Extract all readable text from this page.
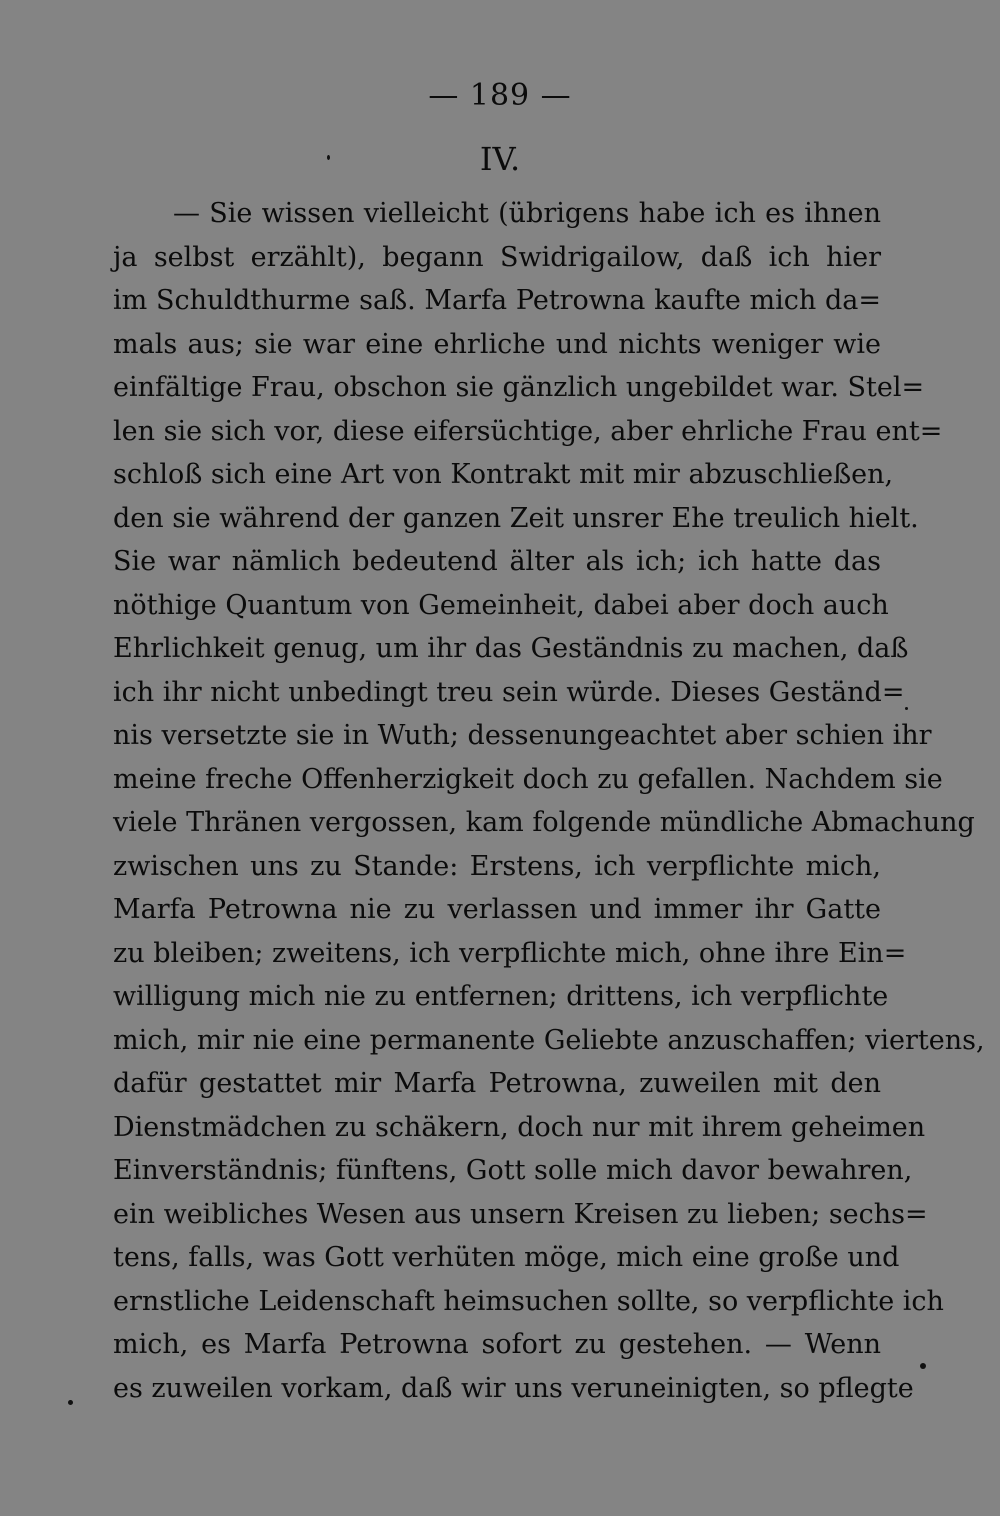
— 189 —
IV.
— Sie wissen vielleicht (übrigens habe ich es ihnen
ja selbst erzählt), begann Swidrigailow, daß ich hier
im Schuldthurme saß. Marfa Petrowna kaufte mich da=
mals aus; sie war eine ehrliche und nichts weniger wie
einfältige Frau, obschon sie gänzlich ungebildet war. Stel=
len sie sich vor, diese eifersüchtige, aber ehrliche Frau ent=
schloß sich eine Art von Kontrakt mit mir abzuschließen,
den sie während der ganzen Zeit unsrer Ehe treulich hielt.
Sie war nämlich bedeutend älter als ich; ich hatte das
nöthige Quantum von Gemeinheit, dabei aber doch auch
Ehrlichkeit genug, um ihr das Geständnis zu machen, daß
ich ihr nicht unbedingt treu sein würde. Dieses Geständ=
nis versetzte sie in Wuth; dessenungeachtet aber schien ihr
meine freche Offenherzigkeit doch zu gefallen. Nachdem sie
viele Thränen vergossen, kam folgende mündliche Abmachung
zwischen uns zu Stande: Erstens, ich verpflichte mich,
Marfa Petrowna nie zu verlassen und immer ihr Gatte
zu bleiben; zweitens, ich verpflichte mich, ohne ihre Ein=
willigung mich nie zu entfernen; drittens, ich verpflichte
mich, mir nie eine permanente Geliebte anzuschaffen; viertens,
dafür gestattet mir Marfa Petrowna, zuweilen mit den
Dienstmädchen zu schäkern, doch nur mit ihrem geheimen
Einverständnis; fünftens, Gott solle mich davor bewahren,
ein weibliches Wesen aus unsern Kreisen zu lieben; sechs=
tens, falls, was Gott verhüten möge, mich eine große und
ernstliche Leidenschaft heimsuchen sollte, so verpflichte ich
mich, es Marfa Petrowna sofort zu gestehen. — Wenn
es zuweilen vorkam, daß wir uns veruneinigten, so pflegte
